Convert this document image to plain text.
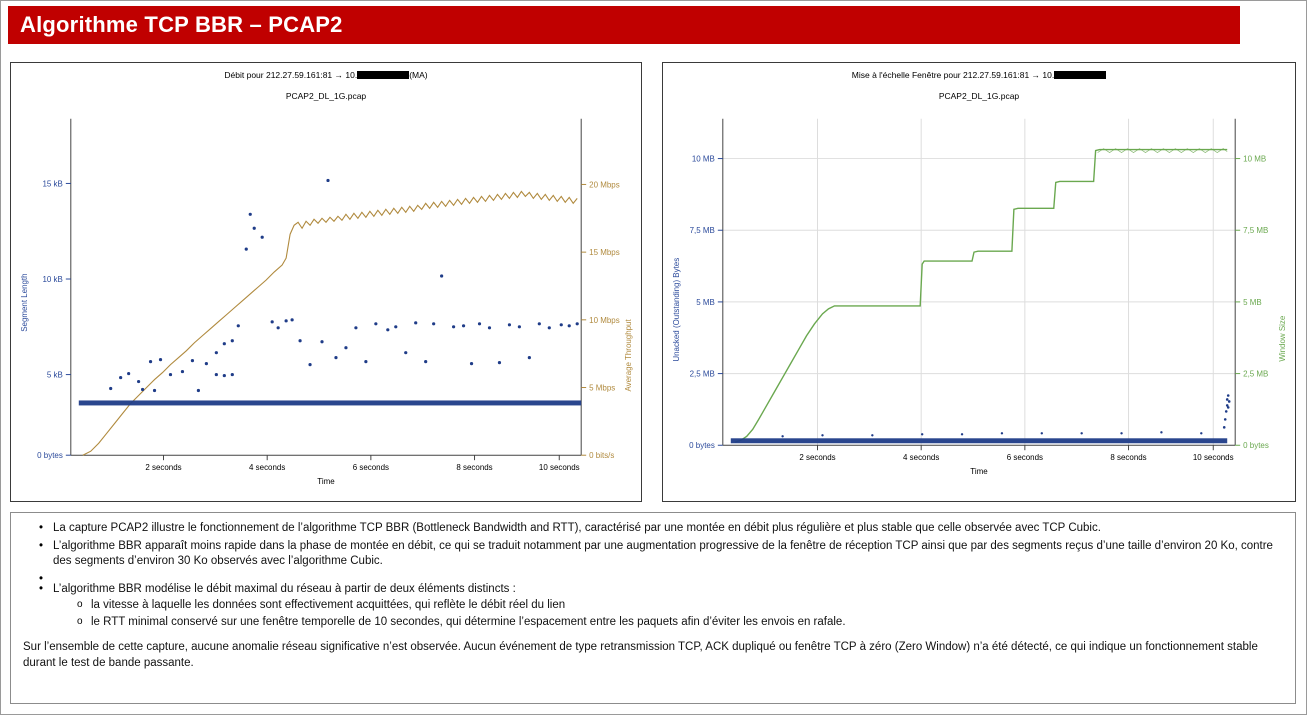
Algorithme TCP BBR – PCAP2
Débit pour 212.27.59.161:81 → 10.	(MA)
PCAP2_DL_1G.pcap
0 bytes
5 kB
10 kB
15 kB
0 bits/s
5 Mbps
10 Mbps
15 Mbps
20 Mbps
2 seconds	4 seconds	6 seconds	8 seconds	10 seconds
Time
Segment Length
Average Throughput
Mise à l'échelle Fenêtre pour 212.27.59.161:81 → 10.
PCAP2_DL_1G.pcap
0 bytes
2,5 MB
5 MB
7,5 MB
10 MB
0 bytes
2,5 MB
5 MB
7,5 MB
10 MB
2 seconds	4 seconds	6 seconds	8 seconds	10 seconds
Time
Unacked (Outstanding) Bytes	Window Size
• La capture PCAP2 illustre le fonctionnement de l’algorithme TCP BBR (Bottleneck Bandwidth and RTT), caractérisé par une montée en débit plus régulière et plus stable que celle observée avec TCP Cubic.
• L’algorithme BBR apparaît moins rapide dans la phase de montée en débit, ce qui se traduit notamment par une augmentation progressive de la fenêtre de réception TCP ainsi que par des segments reçus d’une taille d’environ 20 Ko, contre des segments d’environ 30 Ko observés avec l’algorithme Cubic.
•
• L’algorithme BBR modélise le débit maximal du réseau à partir de deux éléments distincts :
o la vitesse à laquelle les données sont effectivement acquittées, qui reflète le débit réel du lien
o le RTT minimal conservé sur une fenêtre temporelle de 10 secondes, qui détermine l’espacement entre les paquets afin d’éviter les envois en rafale.
Sur l’ensemble de cette capture, aucune anomalie réseau significative n’est observée. Aucun événement de type retransmission TCP, ACK dupliqué ou fenêtre TCP à zéro (Zero Window) n’a été détecté, ce qui indique un fonctionnement stable durant le test de bande passante.
